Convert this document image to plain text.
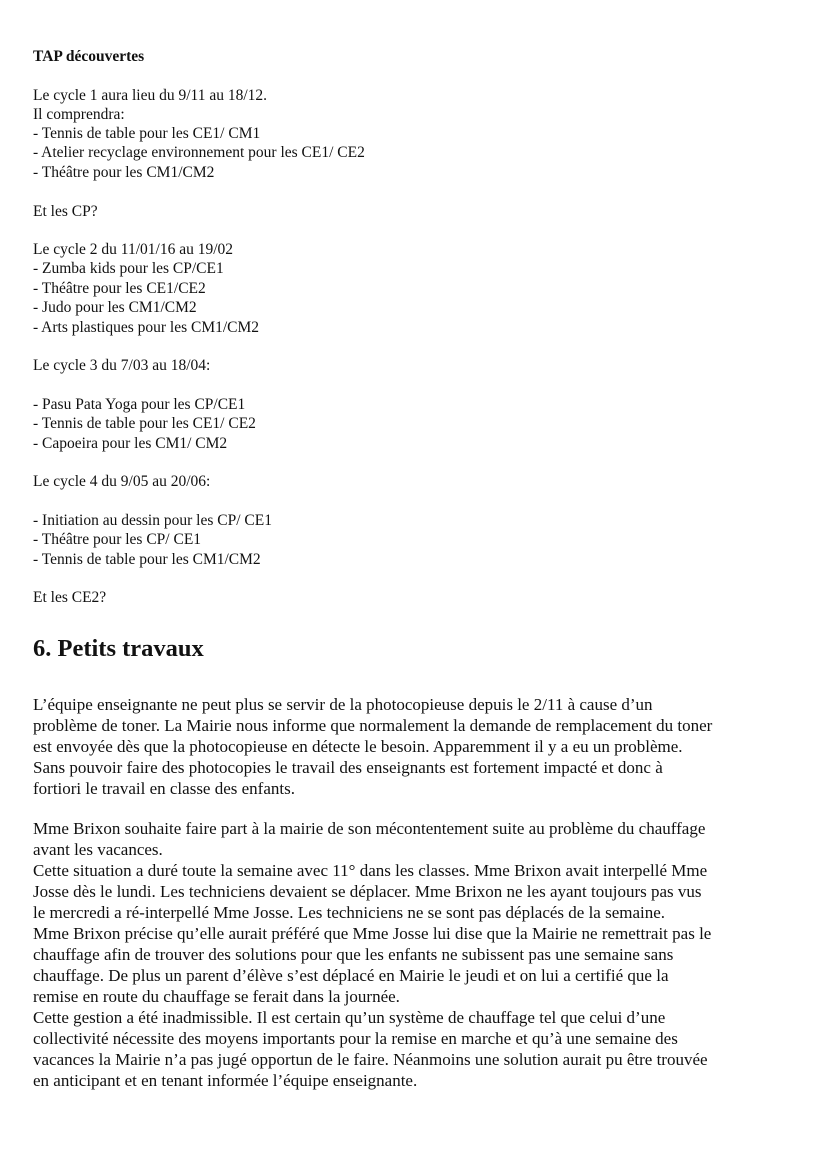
TAP découvertes
Le cycle 1 aura lieu du 9/11 au 18/12.
Il comprendra:
- Tennis de table pour les CE1/ CM1
- Atelier recyclage environnement pour les CE1/ CE2
- Théâtre pour les CM1/CM2
Et les CP?
Le cycle 2 du 11/01/16 au 19/02
- Zumba kids pour les CP/CE1
- Théâtre pour les CE1/CE2
- Judo pour les CM1/CM2
- Arts plastiques pour les CM1/CM2
Le cycle 3 du 7/03 au 18/04:
- Pasu Pata Yoga pour les CP/CE1
- Tennis de table pour les CE1/ CE2
- Capoeira pour les CM1/ CM2
Le cycle 4 du 9/05 au 20/06:
- Initiation au dessin pour les CP/ CE1
- Théâtre pour les CP/ CE1
- Tennis de table pour les CM1/CM2
Et les CE2?
6. Petits travaux
L’équipe enseignante ne peut plus se servir de la photocopieuse depuis le 2/11 à cause d’un
problème de toner. La Mairie nous informe que normalement la demande de remplacement du toner
est envoyée dès que la photocopieuse en détecte le besoin. Apparemment il y a eu un problème.
Sans pouvoir faire des photocopies le travail des enseignants est fortement impacté et donc à
fortiori le travail en classe des enfants.
Mme Brixon souhaite faire part à la mairie de son mécontentement suite au problème du chauffage
avant les vacances.
Cette situation a duré toute la semaine avec 11° dans les classes. Mme Brixon avait interpellé Mme
Josse dès le lundi. Les techniciens devaient se déplacer. Mme Brixon ne les ayant toujours pas vus
le mercredi a ré-interpellé Mme Josse. Les techniciens ne se sont pas déplacés de la semaine.
Mme Brixon précise qu’elle aurait préféré que Mme Josse lui dise que la Mairie ne remettrait pas le
chauffage afin de trouver des solutions pour que les enfants ne subissent pas une semaine sans
chauffage. De plus un parent d’élève s’est déplacé en Mairie le jeudi et on lui a certifié que la
remise en route du chauffage se ferait dans la journée.
Cette gestion a été inadmissible. Il est certain qu’un système de chauffage tel que celui d’une
collectivité nécessite des moyens importants pour la remise en marche et qu’à une semaine des
vacances la Mairie n’a pas jugé opportun de le faire. Néanmoins une solution aurait pu être trouvée
en anticipant et en tenant informée l’équipe enseignante.
